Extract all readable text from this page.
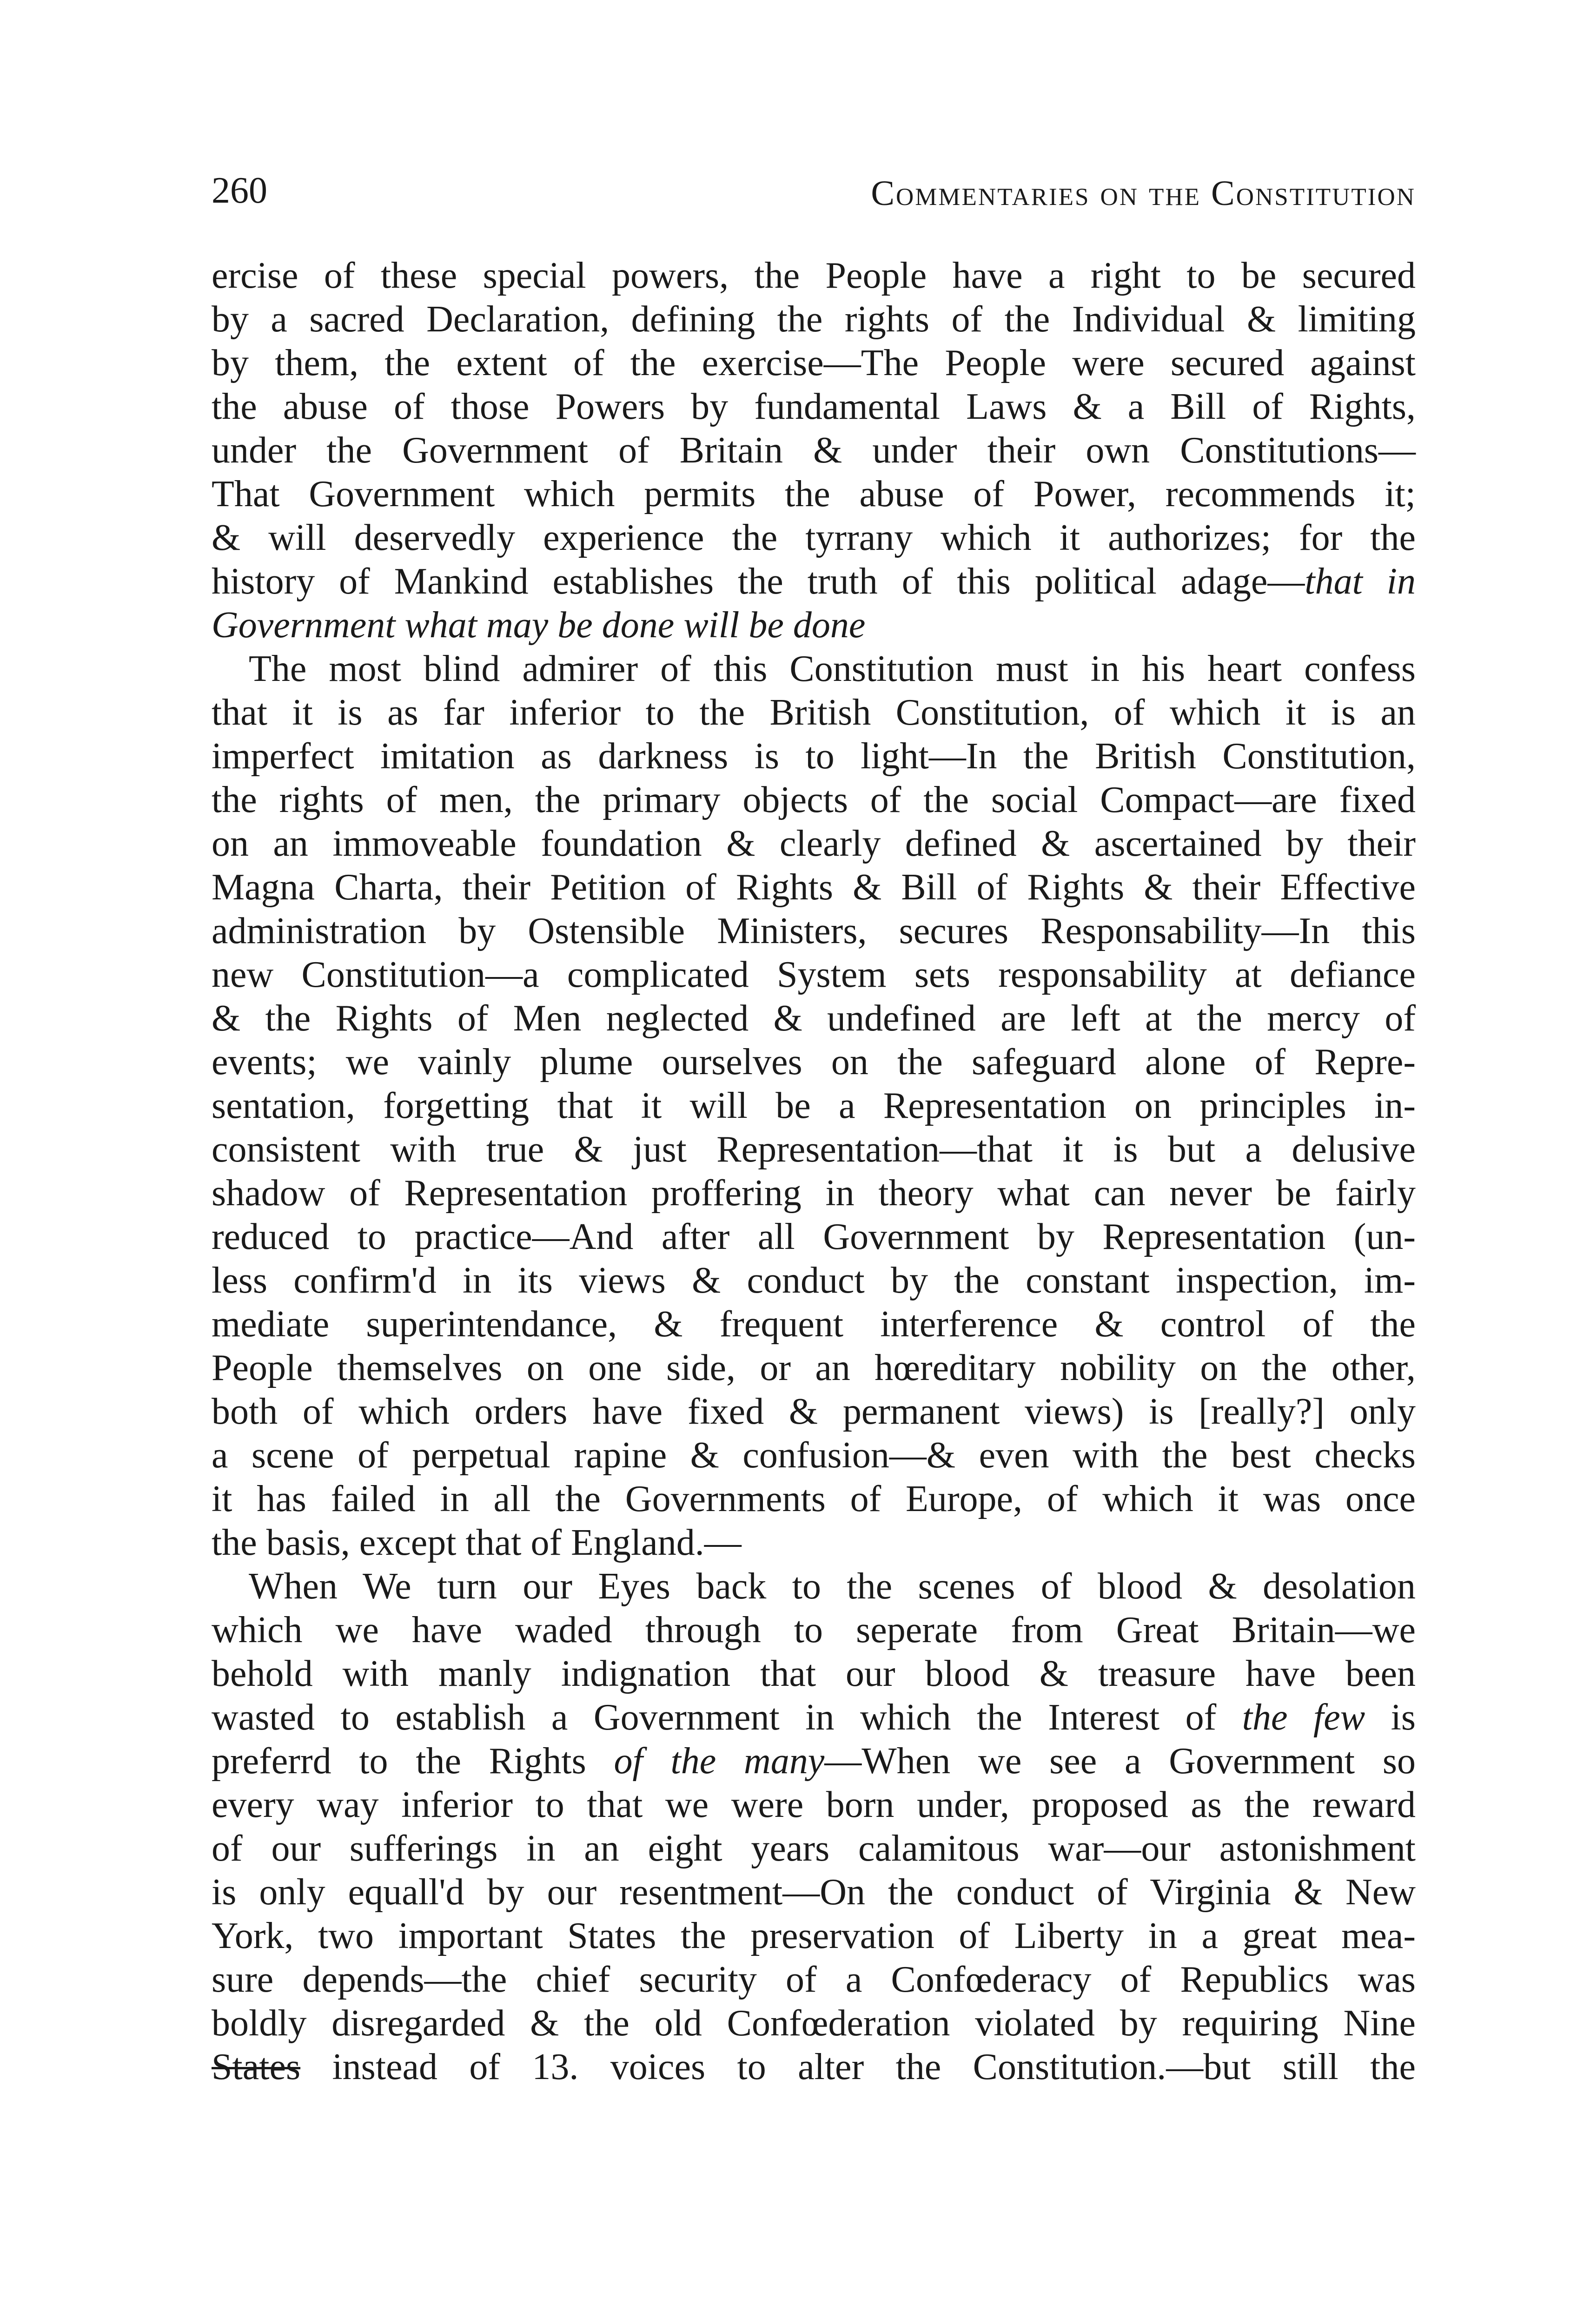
260	Commentaries on the Constitution
ercise of these special powers, the People have a right to be secured
by a sacred Declaration, defining the rights of the Individual & limiting
by them, the extent of the exercise—The People were secured against
the abuse of those Powers by fundamental Laws & a Bill of Rights,
under the Government of Britain & under their own Constitutions—
That Government which permits the abuse of Power, recommends it;
& will deservedly experience the tyrrany which it authorizes; for the
history of Mankind establishes the truth of this political adage—that in
Government what may be done will be done
The most blind admirer of this Constitution must in his heart confess
that it is as far inferior to the British Constitution, of which it is an
imperfect imitation as darkness is to light—In the British Constitution,
the rights of men, the primary objects of the social Compact—are fixed
on an immoveable foundation & clearly defined & ascertained by their
Magna Charta, their Petition of Rights & Bill of Rights & their Effective
administration by Ostensible Ministers, secures Responsability—In this
new Constitution—a complicated System sets responsability at defiance
& the Rights of Men neglected & undefined are left at the mercy of
events; we vainly plume ourselves on the safeguard alone of Repre-
sentation, forgetting that it will be a Representation on principles in-
consistent with true & just Representation—that it is but a delusive
shadow of Representation proffering in theory what can never be fairly
reduced to practice—And after all Government by Representation (un-
less confirm'd in its views & conduct by the constant inspection, im-
mediate superintendance, & frequent interference & control of the
People themselves on one side, or an hœreditary nobility on the other,
both of which orders have fixed & permanent views) is [really?] only
a scene of perpetual rapine & confusion—& even with the best checks
it has failed in all the Governments of Europe, of which it was once
the basis, except that of England.—
When We turn our Eyes back to the scenes of blood & desolation
which we have waded through to seperate from Great Britain—we
behold with manly indignation that our blood & treasure have been
wasted to establish a Government in which the Interest of the few is
preferrd to the Rights of the many—When we see a Government so
every way inferior to that we were born under, proposed as the reward
of our sufferings in an eight years calamitous war—our astonishment
is only equall'd by our resentment—On the conduct of Virginia & New
York, two important States the preservation of Liberty in a great mea-
sure depends—the chief security of a Confœderacy of Republics was
boldly disregarded & the old Confœderation violated by requiring Nine
States instead of 13. voices to alter the Constitution.—but still the
